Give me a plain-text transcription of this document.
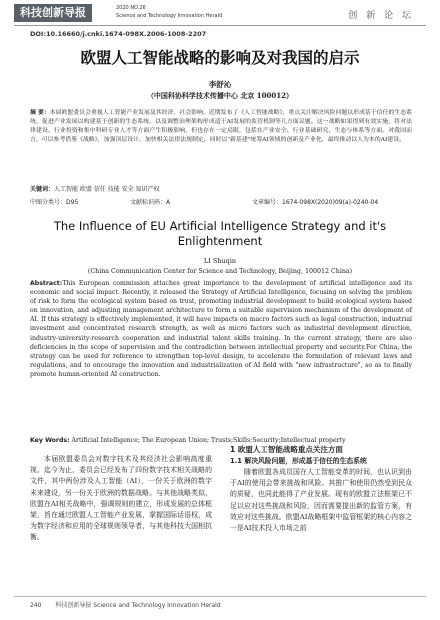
科技创新导报	2020 NO.26
Science and Technology Innovation Herald	创 新 论 坛
DOI:10.16660/j.cnki.1674-098X.2006-1008-2207
欧盟人工智能战略的影响及对我国的启示
李舒沁
（中国科协科学技术传播中心 北京 100012）
摘 要：本届欧盟委员会重视人工智能产业发展及其经济、社会影响，近期发布了《人工智能战略》，重点关注解决风险问题以形成基于信任的生态系统，促进产业发展以构建基于创新的生态系统，以及调整治理架构形成适于AI发展的监管机制等几方面议题。这一战略如果得到有效实施，将对法律建设、行业投资和集中科研专业人才等方面产生积极影响，但也存在一定局限，包括在产业安全、行业基础研究、生态与体系等方面。对我国而言，可以参考借鉴《战略》，加强顶层设计，加快相关法律法规制定，同时以"新基建"统筹AI领域的创新及产业化，最终推动以人为本的AI建设。
关键词：人工智能 欧盟 信任 技能 安全 知识产权
中图分类号：D95	文献标识码：A	文章编号：1674-098X(2020)09(a)-0240-04
The Influence of EU Artificial Intelligence Strategy and it's Enlightenment
LI Shuqin
(China Communication Center for Science and Technology, Beijing, 100012 China)
Abstract:This European commission attaches great importance to the development of artificial intelligence and its economic and social impact. Recently, it released the Strategy of Artificial Intelligence, focusing on solving the problem of risk to form the ecological system based on trust, promoting industrial development to build ecological system based on innovation, and adjusting management architecture to form a suitable supervision mechanism of the development of AI. If this strategy is effectively implemented, it will have impacts on macro factors such as legal construction, industrial investment and concentrated research strength, as well as micro factors such as industrial development direction, industry-university-research cooperation and industrial talent skills training. In the current strategy, there are also deficiencies in the scope of supervision and the contradiction between intellectual property and security.For China, the strategy can be used for reference to strengthen top-level design, to accelerate the formulation of relevant laws and regulations, and to encourage the innovation and industrialization of AI field with "new infrastructure", so as to finally promote human-oriented AI construction.
Key Words: Artificial Intelligence; The European Union; Trusts;Skills;Security;Intellectual property

本届欧盟委员会对数字技术及其经济社会影响高度重视。迄今为止，委员会已经发布了四份数字技术相关战略的文件，其中两份涉及人工智能（AI），一份关于欧洲的数字未来建设，另一份关于欧洲的数据战略。与其他战略类似，欧盟在AI相关战略中，强调规则的建立，形成发展的总体框架，旨在通过欧盟人工智能产业发展，掌握国际话语权，成为数字经济和应用的全球规则领导者，与其他科技大国相抗衡。

1 欧盟人工智能战略重点关注方面
1.1 解决风险问题，形成基于信任的生态系统

随着欧盟各成员国在人工智能变革的时间，也认识到由于AI的使用会带来挑战和风险。其推广和使用仍然受到民众的质疑，也同此能得了产业发展。现有的欧盟立法框架已不足以应对这些挑战和风险，因而需要提出新的监管方案，有效应对这些挑战。欧盟AI战略框架中监管框架的核心内容之一是AI技术投入市场之前

240 科技创新导报 Science and Technology Innovation Herald
